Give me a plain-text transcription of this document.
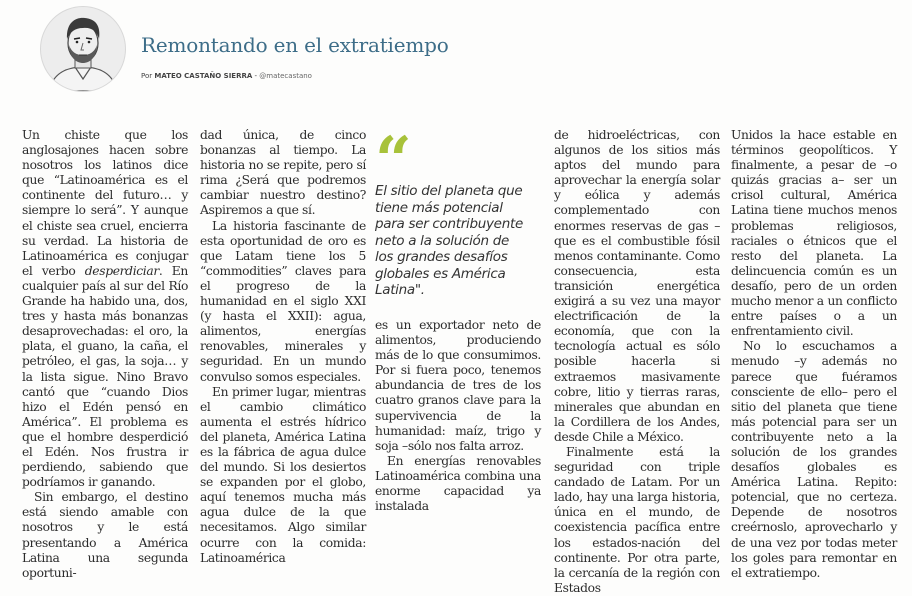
Remontando en el extratiempo
Por MATEO CASTAÑO SIERRA - @matecastano

Un chiste que los anglosajones hacen sobre nosotros los latinos dice que “Latinoamérica es el continente del futuro… y siempre lo será”. Y aunque el chiste sea cruel, encierra su verdad. La historia de Latinoamérica es conjugar el verbo desperdiciar. En cualquier país al sur del Río Grande ha habido una, dos, tres y hasta más bonanzas desaprovechadas: el oro, la plata, el guano, la caña, el petróleo, el gas, la soja… y la lista sigue. Nino Bravo cantó que “cuando Dios hizo el Edén pensó en América”. El problema es que el hombre desperdició el Edén. Nos frustra ir perdiendo, sabiendo que podríamos ir ganando.

Sin embargo, el destino está siendo amable con nosotros y le está presentando a América Latina una segunda oportuni-

dad única, de cinco bonanzas al tiempo. La historia no se repite, pero sí rima ¿Será que podremos cambiar nuestro destino? Aspiremos a que sí.

La historia fascinante de esta oportunidad de oro es que Latam tiene los 5 “commodities” claves para el progreso de la humanidad en el siglo XXI (y hasta el XXII): agua, alimentos, energías renovables, minerales y seguridad. En un mundo convulso somos especiales.

En primer lugar, mientras el cambio climático aumenta el estrés hídrico del planeta, América Latina es la fábrica de agua dulce del mundo. Si los desiertos se expanden por el globo, aquí tenemos mucha más agua dulce de la que necesitamos. Algo similar ocurre con la comida: Latinoamérica

es un exportador neto de alimentos, produciendo más de lo que consumimos. Por si fuera poco, tenemos abundancia de tres de los cuatro granos clave para la supervivencia de la humanidad: maíz, trigo y soja –sólo nos falta arroz.

En energías renovables Latinoamérica combina una enorme capacidad ya instalada

de hidroeléctricas, con algunos de los sitios más aptos del mundo para aprovechar la energía solar y eólica y además complementado con enormes reservas de gas –que es el combustible fósil menos contaminante. Como consecuencia, esta transición energética exigirá a su vez una mayor electrificación de la economía, que con la tecnología actual es sólo posible hacerla si extraemos masivamente cobre, litio y tierras raras, minerales que abundan en la Cordillera de los Andes, desde Chile a México.

Finalmente está la seguridad con triple candado de Latam. Por un lado, hay una larga historia, única en el mundo, de coexistencia pacífica entre los estados-nación del continente. Por otra parte, la cercanía de la región con Estados

Unidos la hace estable en términos geopolíticos. Y finalmente, a pesar de –o quizás gracias a– ser un crisol cultural, América Latina tiene muchos menos problemas religiosos, raciales o étnicos que el resto del planeta. La delincuencia común es un desafío, pero de un orden mucho menor a un conflicto entre países o a un enfrentamiento civil.

No lo escuchamos a menudo –y además no parece que fuéramos consciente de ello– pero el sitio del planeta que tiene más potencial para ser un contribuyente neto a la solución de los grandes desafíos globales es América Latina. Repito: potencial, que no certeza. Depende de nosotros creérnoslo, aprovecharlo y de una vez por todas meter los goles para remontar en el extratiempo.

“
El sitio del planeta que tiene más potencial para ser contribuyente neto a la solución de los grandes desafíos globales es América Latina".
